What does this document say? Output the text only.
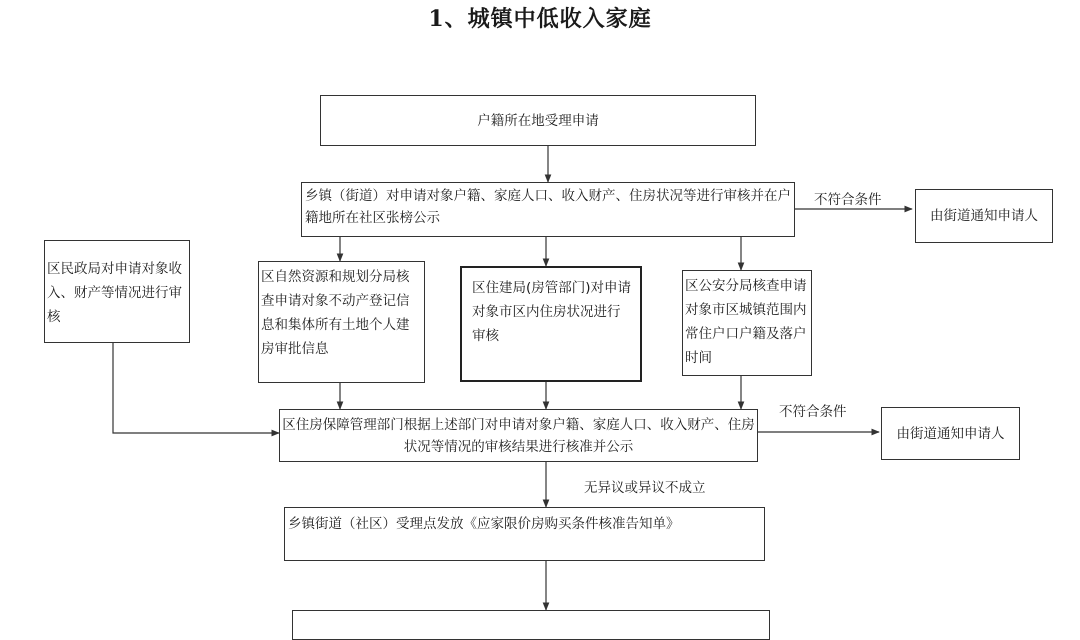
1、城镇中低收入家庭
户籍所在地受理申请
乡镇（街道）对申请对象户籍、家庭人口、收入财产、住房状况等进行审核并在户籍地所在社区张榜公示
不符合条件
由街道通知申请人
区民政局对申请对象收入、财产等情况进行审核
区自然资源和规划分局核查申请对象不动产登记信息和集体所有土地个人建房审批信息
区住建局(房管部门)对申请对象市区内住房状况进行审核
区公安分局核查申请对象市区城镇范围内常住户口户籍及落户时间
区住房保障管理部门根据上述部门对申请对象户籍、家庭人口、收入财产、住房状况等情况的审核结果进行核准并公示
不符合条件
由街道通知申请人
无异议或异议不成立
乡镇街道（社区）受理点发放《应家限价房购买条件核准告知单》
